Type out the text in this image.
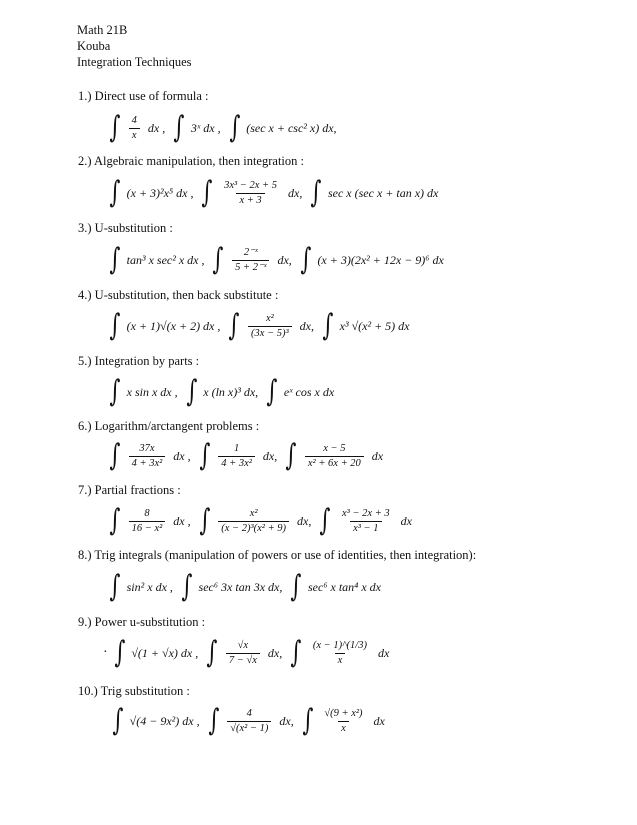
Math 21B
Kouba
Integration Techniques
1.) Direct use of formula :
∫ $\frac{4}{x}$ dx , ∫ 3ˣ dx , ∫ (sec x + csc² x) dx,
2.) Algebraic manipulation, then integration :
∫ (x + 3)²x⁵ dx , ∫ $\frac{\text{3x³ − 2x + 5}}{x + 3}$ dx, ∫ sec x (sec x + tan x) dx
3.) U-substitution :
∫ tan³ x sec² x dx , ∫ $\frac{\text{2⁻ˣ}}{\text{5 + 2⁻ˣ}}$ dx, ∫ (x + 3)(2x² + 12x − 9)⁶ dx
4.) U-substitution, then back substitute :
∫ (x + 1)√(x + 2) dx , ∫ $\frac{\text{x²}}{\text{(3x − 5)³}}$ dx, ∫ x³ √(x² + 5) dx
5.) Integration by parts :
∫ x sin x dx , ∫ x (ln x)³ dx, ∫ eˣ cos x dx
6.) Logarithm/arctangent problems :
∫ $\frac{37x}{\text{4 + 3x²}}$ dx , ∫ $\frac{1}{\text{4 + 3x²}}$ dx, ∫ $\frac{x - 5}{\text{x² + 6x + 20}}$ dx
7.) Partial fractions :
∫ $\frac{8}{\text{16 − x²}}$ dx , ∫ $\frac{\text{x²}}{\text{(x − 2)³(x² + 9)}}$ dx, ∫ $\frac{\text{x³ − 2x + 3}}{\text{x³ − 1}}$ dx
8.) Trig integrals (manipulation of powers or use of identities, then integration):
∫ sin² x dx , ∫ sec⁶ 3x tan 3x dx, ∫ sec⁶ x tan⁴ x dx
9.) Power u-substitution :
· ∫ √(1 + √x) dx , ∫ $\frac{√x}{7 - √x}$ dx, ∫ $\frac{(x - 1)\^{}(1/3)}{x}$ dx
10.) Trig substitution :
∫ √(4 − 9x²) dx , ∫ $\frac{4}{\text{√(x² − 1)}}$ dx, ∫ $\frac{\text{√(9 + x²)}}{x}$ dx
